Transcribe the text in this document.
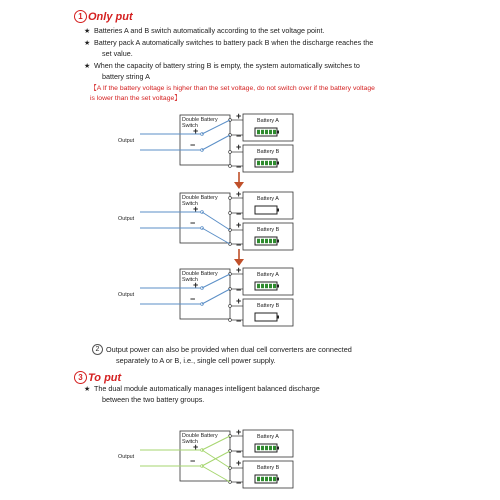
1 Only put
★ Batteries A and B switch automatically according to the set voltage point.
★ Battery pack A automatically switches to battery pack B when the discharge reaches the
set value.
★ When the capacity of battery string B is empty, the system automatically switches to
battery string A
【A If the battery voltage is higher than the set voltage, do not switch over if the battery voltage
is lower than the set voltage】
Double Battery
Switch
Output
Battery A
Battery B
+
−
+
−
+
−
Double Battery
Switch
Output
Battery A
Battery B
+
−
+
−
+
−
Double Battery
Switch
Output
Battery A
Battery B
+
−
+
−
+
−
2 Output power can also be provided when dual cell converters are connected
separately to A or B, i.e., single cell power supply.
3 To put
★ The dual module automatically manages intelligent balanced discharge
between the two battery groups.
Double Battery
Switch
Output
Battery A
Battery B
+
−
+
−
+
−
